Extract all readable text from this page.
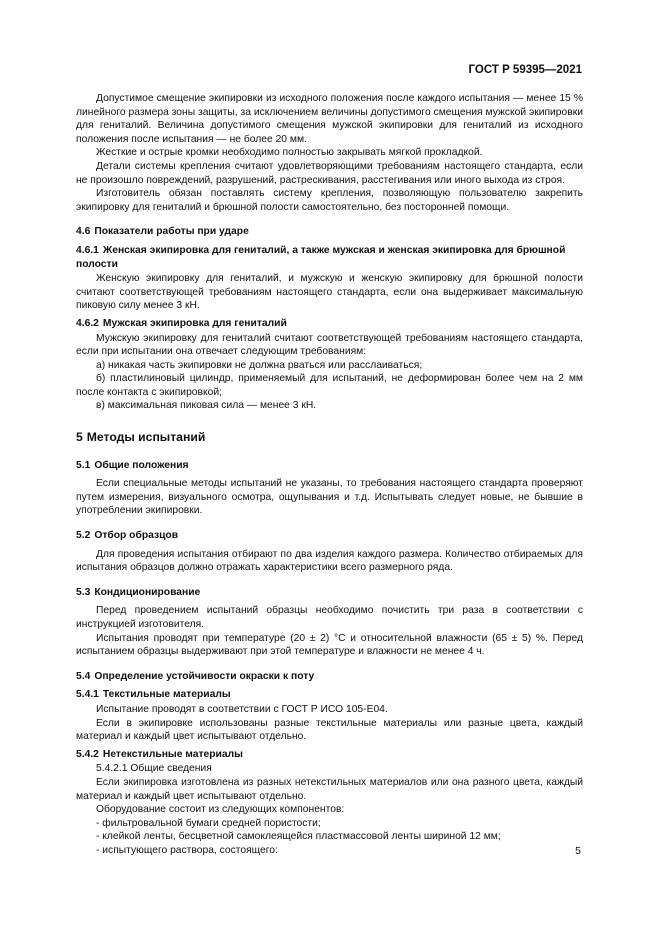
ГОСТ Р 59395—2021
Допустимое смещение экипировки из исходного положения после каждого испытания — менее 15 % линейного размера зоны защиты, за исключением величины допустимого смещения мужской экипировки для гениталий. Величина допустимого смещения мужской экипировки для гениталий из исходного положения после испытания — не более 20 мм.
Жесткие и острые кромки необходимо полностью закрывать мягкой прокладкой.
Детали системы крепления считают удовлетворяющими требованиям настоящего стандарта, если не произошло повреждений, разрушений, растрескивания, расстегивания или иного выхода из строя.
Изготовитель обязан поставлять систему крепления, позволяющую пользователю закрепить экипировку для гениталий и брюшной полости самостоятельно, без посторонней помощи.
4.6 Показатели работы при ударе
4.6.1 Женская экипировка для гениталий, а также мужская и женская экипировка для брюшной полости
Женскую экипировку для гениталий, и мужскую и женскую экипировку для брюшной полости считают соответствующей требованиям настоящего стандарта, если она выдерживает максимальную пиковую силу менее 3 кН.
4.6.2 Мужская экипировка для гениталий
Мужскую экипировку для гениталий считают соответствующей требованиям настоящего стандарта, если при испытании она отвечает следующим требованиям:
а) никакая часть экипировки не должна рваться или расслаиваться;
б) пластилиновый цилиндр, применяемый для испытаний, не деформирован более чем на 2 мм после контакта с экипировкой;
в) максимальная пиковая сила — менее 3 кН.
5 Методы испытаний
5.1 Общие положения
Если специальные методы испытаний не указаны, то требования настоящего стандарта проверяют путем измерения, визуального осмотра, ощупывания и т.д. Испытывать следует новые, не бывшие в употреблении экипировки.
5.2 Отбор образцов
Для проведения испытания отбирают по два изделия каждого размера. Количество отбираемых для испытания образцов должно отражать характеристики всего размерного ряда.
5.3 Кондиционирование
Перед проведением испытаний образцы необходимо почистить три раза в соответствии с инструкцией изготовителя.
Испытания проводят при температуре (20 ± 2) °С и относительной влажности (65 ± 5) %. Перед испытанием образцы выдерживают при этой температуре и влажности не менее 4 ч.
5.4 Определение устойчивости окраски к поту
5.4.1 Текстильные материалы
Испытание проводят в соответствии с ГОСТ Р ИСО 105-Е04.
Если в экипировке использованы разные текстильные материалы или разные цвета, каждый материал и каждый цвет испытывают отдельно.
5.4.2 Нетекстильные материалы
5.4.2.1 Общие сведения
Если экипировка изготовлена из разных нетекстильных материалов или она разного цвета, каждый материал и каждый цвет испытывают отдельно.
Оборудование состоит из следующих компонентов:
- фильтровальной бумаги средней пористости;
- клейкой ленты, бесцветной самоклеящейся пластмассовой ленты шириной 12 мм;
- испытующего раствора, состоящего:	5
